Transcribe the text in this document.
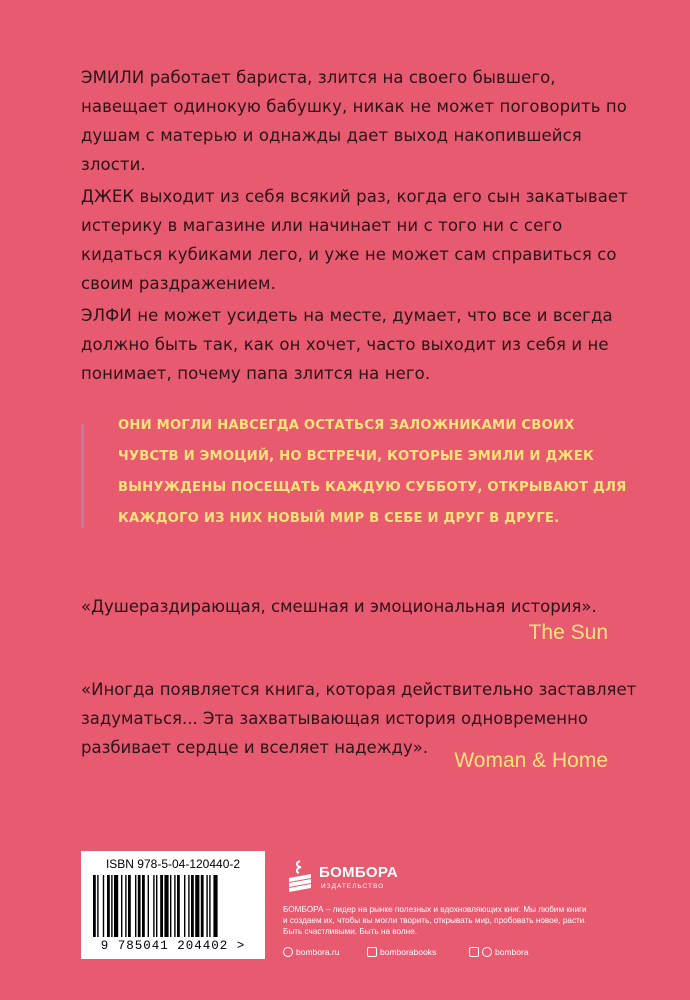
ЭМИЛИ работает бариста, злится на своего бывшего, навещает одинокую бабушку, никак не может поговорить по душам с матерью и однажды дает выход накопившейся злости.

ДЖЕК выходит из себя всякий раз, когда его сын закатывает истерику в магазине или начинает ни с того ни с сего кидаться кубиками лего, и уже не может сам справиться со своим раздражением.

ЭЛФИ не может усидеть на месте, думает, что все и всегда должно быть так, как он хочет, часто выходит из себя и не понимает, почему папа злится на него.

ОНИ МОГЛИ НАВСЕГДА ОСТАТЬСЯ ЗАЛОЖНИКАМИ СВОИХ ЧУВСТВ И ЭМОЦИЙ, НО ВСТРЕЧИ, КОТОРЫЕ ЭМИЛИ И ДЖЕК ВЫНУЖДЕНЫ ПОСЕЩАТЬ КАЖДУЮ СУББОТУ, ОТКРЫВАЮТ ДЛЯ КАЖДОГО ИЗ НИХ НОВЫЙ МИР В СЕБЕ И ДРУГ В ДРУГЕ.

«Душераздирающая, смешная и эмоциональная история».

The Sun

«Иногда появляется книга, которая действительно заставляет задуматься... Эта захватывающая история одновременно разбивает сердце и вселяет надежду».

Woman & Home
ISBN 978-5-04-120440-2
9 785041 204402 >
БОМБОРА
ИЗДАТЕЛЬСТВО

БОМБОРА – лидер на рынке полезных и вдохновляющих книг. Мы любим книги и создаем их, чтобы вы могли творить, открывать мир, пробовать новое, расти. Быть счастливыми. Быть на волне.

bombora.ru	bomborabooks	bombora
